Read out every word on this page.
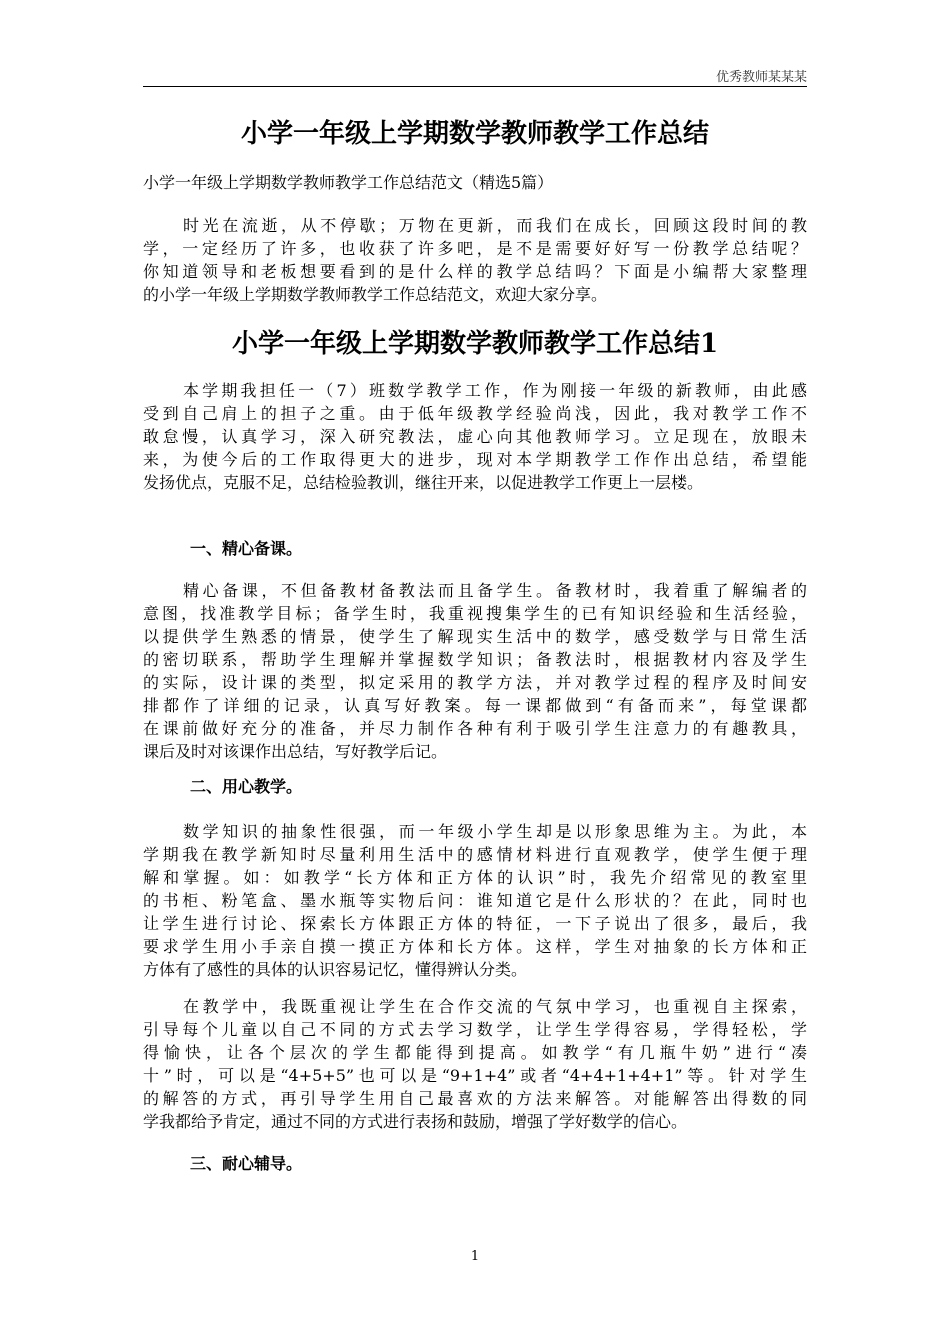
优秀教师某某某
小学一年级上学期数学教师教学工作总结
小学一年级上学期数学教师教学工作总结范文（精选5篇）
时光在流逝，从不停歇；万物在更新，而我们在成长，回顾这段时间的教
学，一定经历了许多，也收获了许多吧，是不是需要好好写一份教学总结呢？
你知道领导和老板想要看到的是什么样的教学总结吗？下面是小编帮大家整理
的小学一年级上学期数学教师教学工作总结范文，欢迎大家分享。
小学一年级上学期数学教师教学工作总结1
本学期我担任一（7）班数学教学工作，作为刚接一年级的新教师，由此感
受到自己肩上的担子之重。由于低年级教学经验尚浅，因此，我对教学工作不
敢怠慢，认真学习，深入研究教法，虚心向其他教师学习。立足现在，放眼未
来，为使今后的工作取得更大的进步，现对本学期教学工作作出总结，希望能
发扬优点，克服不足，总结检验教训，继往开来，以促进教学工作更上一层楼。
一、精心备课。
精心备课，不但备教材备教法而且备学生。备教材时，我着重了解编者的
意图，找准教学目标；备学生时，我重视搜集学生的已有知识经验和生活经验，
以提供学生熟悉的情景，使学生了解现实生活中的数学，感受数学与日常生活
的密切联系，帮助学生理解并掌握数学知识；备教法时，根据教材内容及学生
的实际，设计课的类型，拟定采用的教学方法，并对教学过程的程序及时间安
排都作了详细的记录，认真写好教案。每一课都做到“有备而来”，每堂课都
在课前做好充分的准备，并尽力制作各种有利于吸引学生注意力的有趣教具，
课后及时对该课作出总结，写好教学后记。
二、用心教学。
数学知识的抽象性很强，而一年级小学生却是以形象思维为主。为此，本
学期我在教学新知时尽量利用生活中的感情材料进行直观教学，使学生便于理
解和掌握。如：如教学“长方体和正方体的认识”时，我先介绍常见的教室里
的书柜、粉笔盒、墨水瓶等实物后问：谁知道它是什么形状的？在此，同时也
让学生进行讨论、探索长方体跟正方体的特征，一下子说出了很多，最后，我
要求学生用小手亲自摸一摸正方体和长方体。这样，学生对抽象的长方体和正
方体有了感性的具体的认识容易记忆，懂得辨认分类。
在教学中，我既重视让学生在合作交流的气氛中学习，也重视自主探索，
引导每个儿童以自己不同的方式去学习数学，让学生学得容易，学得轻松，学
得愉快，让各个层次的学生都能得到提高。如教学“有几瓶牛奶”进行“凑
十”时，可以是“4+5+5”也可以是“9+1+4”或者“4+4+1+4+1”等。针对学生
的解答的方式，再引导学生用自己最喜欢的方法来解答。对能解答出得数的同
学我都给予肯定，通过不同的方式进行表扬和鼓励，增强了学好数学的信心。
三、耐心辅导。
1
